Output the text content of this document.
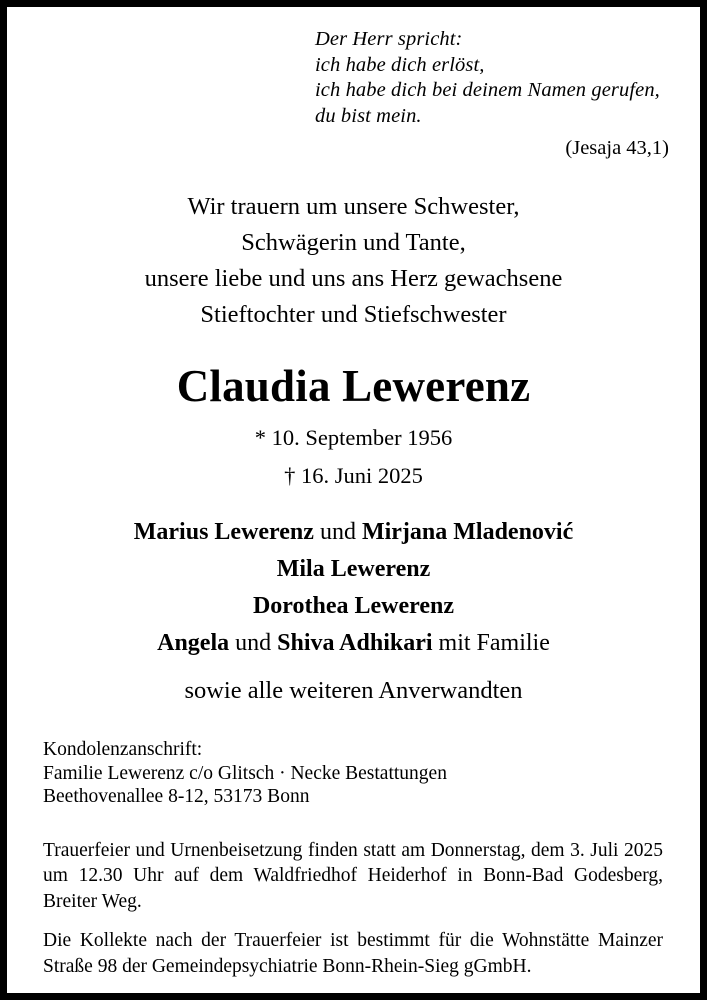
Der Herr spricht:
ich habe dich erlöst,
ich habe dich bei deinem Namen gerufen,
du bist mein.
(Jesaja 43,1)
Wir trauern um unsere Schwester,
Schwägerin und Tante,
unsere liebe und uns ans Herz gewachsene
Stieftochter und Stiefschwester
Claudia Lewerenz
* 10. September 1956
† 16. Juni 2025
Marius Lewerenz und Mirjana Mladenović
Mila Lewerenz
Dorothea Lewerenz
Angela und Shiva Adhikari mit Familie
sowie alle weiteren Anverwandten
Kondolenzanschrift:
Familie Lewerenz c/o Glitsch · Necke Bestattungen
Beethovenallee 8-12, 53173 Bonn
Trauerfeier und Urnenbeisetzung finden statt am Donnerstag, dem 3. Juli 2025 um 12.30 Uhr auf dem Waldfriedhof Heiderhof in Bonn-Bad Godesberg, Breiter Weg.
Die Kollekte nach der Trauerfeier ist bestimmt für die Wohnstätte Mainzer Straße 98 der Gemeindepsychiatrie Bonn-Rhein-Sieg gGmbH.
